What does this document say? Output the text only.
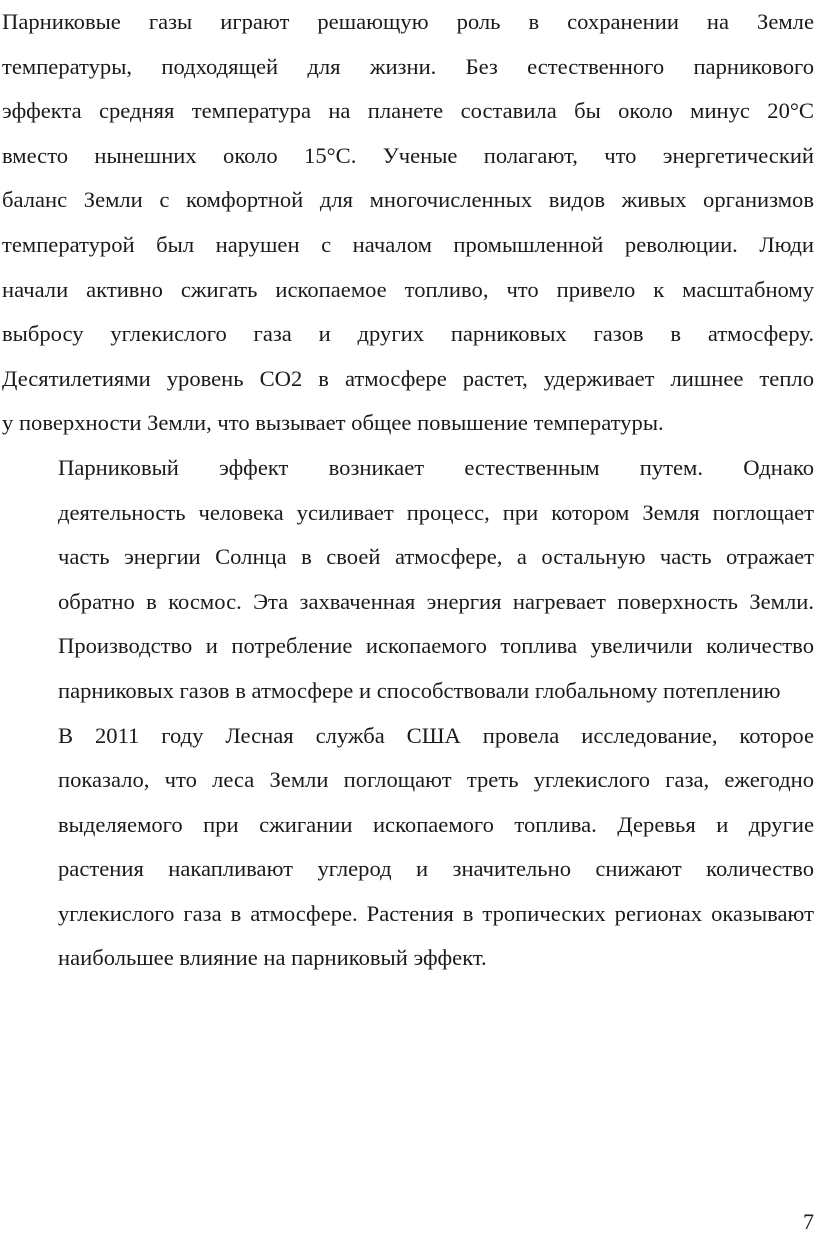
Парниковые газы играют решающую роль в сохранении на Земле
температуры, подходящей для жизни. Без естественного парникового
эффекта средняя температура на планете составила бы около минус 20°С
вместо нынешних около 15°С. Ученые полагают, что энергетический
баланс Земли с комфортной для многочисленных видов живых организмов
температурой был нарушен с началом промышленной революции. Люди
начали активно сжигать ископаемое топливо, что привело к масштабному
выбросу углекислого газа и других парниковых газов в атмосферу.
Десятилетиями уровень СО2 в атмосфере растет, удерживает лишнее тепло
у поверхности Земли, что вызывает общее повышение температуры.

Парниковый эффект возникает естественным путем. Однако
деятельность человека усиливает процесс, при котором Земля поглощает
часть энергии Солнца в своей атмосфере, а остальную часть отражает
обратно в космос. Эта захваченная энергия нагревает поверхность Земли.
Производство и потребление ископаемого топлива увеличили количество
парниковых газов в атмосфере и способствовали глобальному потеплению

В 2011 году Лесная служба США провела исследование, которое
показало, что леса Земли поглощают треть углекислого газа, ежегодно
выделяемого при сжигании ископаемого топлива. Деревья и другие
растения накапливают углерод и значительно снижают количество
углекислого газа в атмосфере. Растения в тропических регионах оказывают
наибольшее влияние на парниковый эффект.

7
